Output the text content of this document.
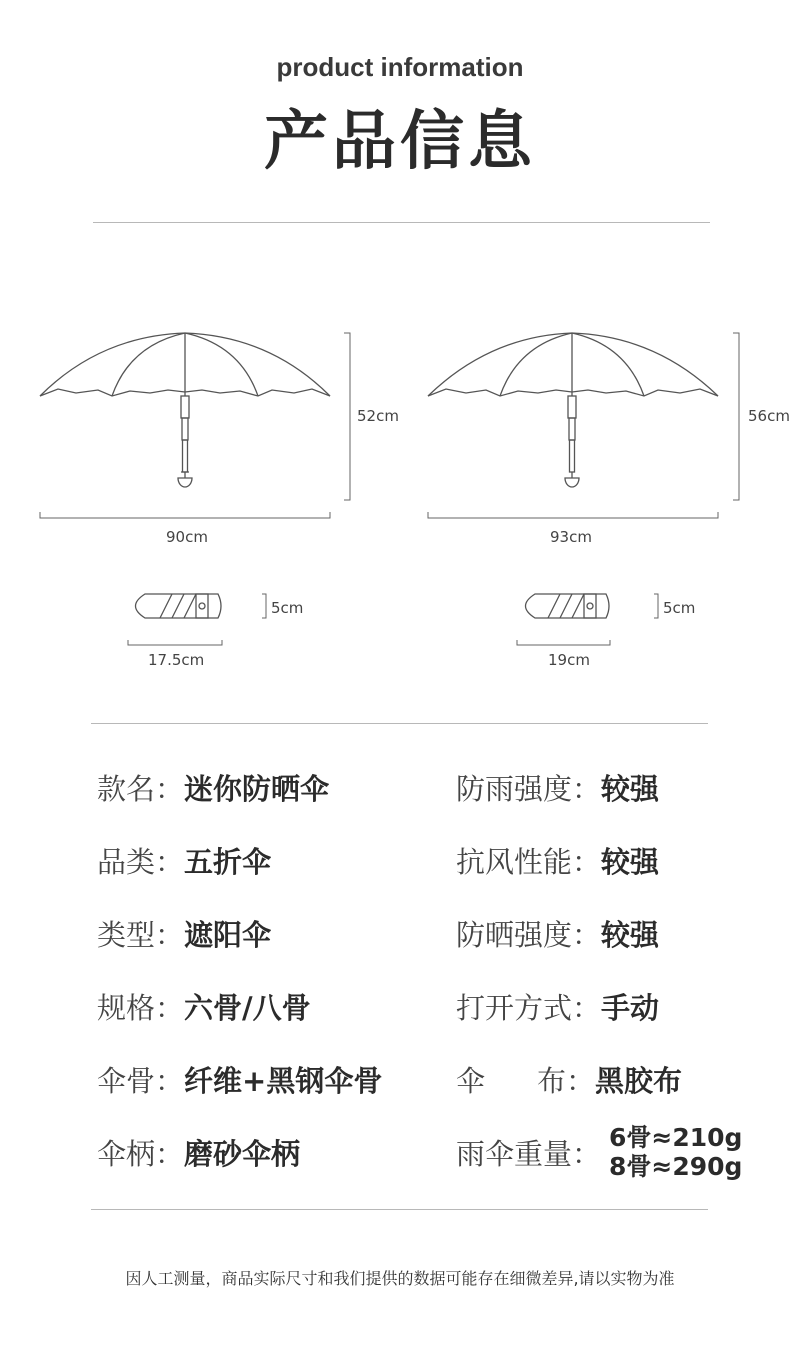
product information
产品信息
52cm
90cm
56cm
93cm
5cm
17.5cm
5cm
19cm
款名：迷你防晒伞
品类：五折伞
类型：遮阳伞
规格：六骨/八骨
伞骨：纤维+黑钢伞骨
伞柄：磨砂伞柄
防雨强度：较强
抗风性能：较强
防晒强度：较强
打开方式：手动
伞 布：黑胶布
雨伞重量： 6骨≈210g
8骨≈290g
因人工测量，商品实际尺寸和我们提供的数据可能存在细微差异,请以实物为准
